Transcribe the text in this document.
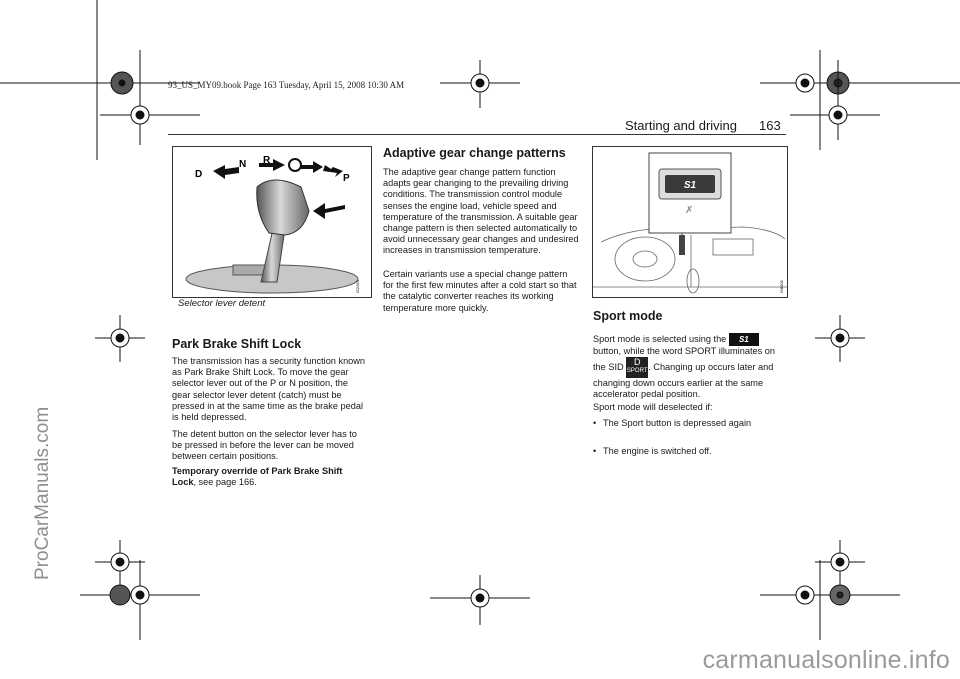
93_US_MY09.book Page 163 Tuesday, April 15, 2008 10:30 AM
Starting and driving 163
ProCarManuals.com
carmanualsonline.info
D
N R
P
IS2294
Selector lever detent
Park Brake Shift Lock
The transmission has a security function known as Park Brake Shift Lock. To move the gear selector lever out of the P or N position, the gear selector lever detent (catch) must be pressed in at the same time as the brake pedal is held depressed.
The detent button on the selector lever has to be pressed in before the lever can be moved between certain positions.
Temporary override of Park Brake Shift Lock, see page 166.
Adaptive gear change patterns
The adaptive gear change pattern function adapts gear changing to the prevailing driving conditions. The transmission control module senses the engine load, vehicle speed and temperature of the transmission. A suitable gear change pattern is then selected automatically to avoid unnecessary gear changes and undesired increases in transmission temperature.
Certain variants use a special change pattern for the first few minutes after a cold start so that the catalytic converter reaches its working temperature more quickly.
S1
✗
IS8405
Sport mode
Sport mode is selected using the S1 button, while the word SPORT illuminates on the SID	D
SPORT. Changing up occurs later and changing down occurs earlier at the same accelerator pedal position.
Sport mode will deselected if:
• The Sport button is depressed again
• The engine is switched off.
